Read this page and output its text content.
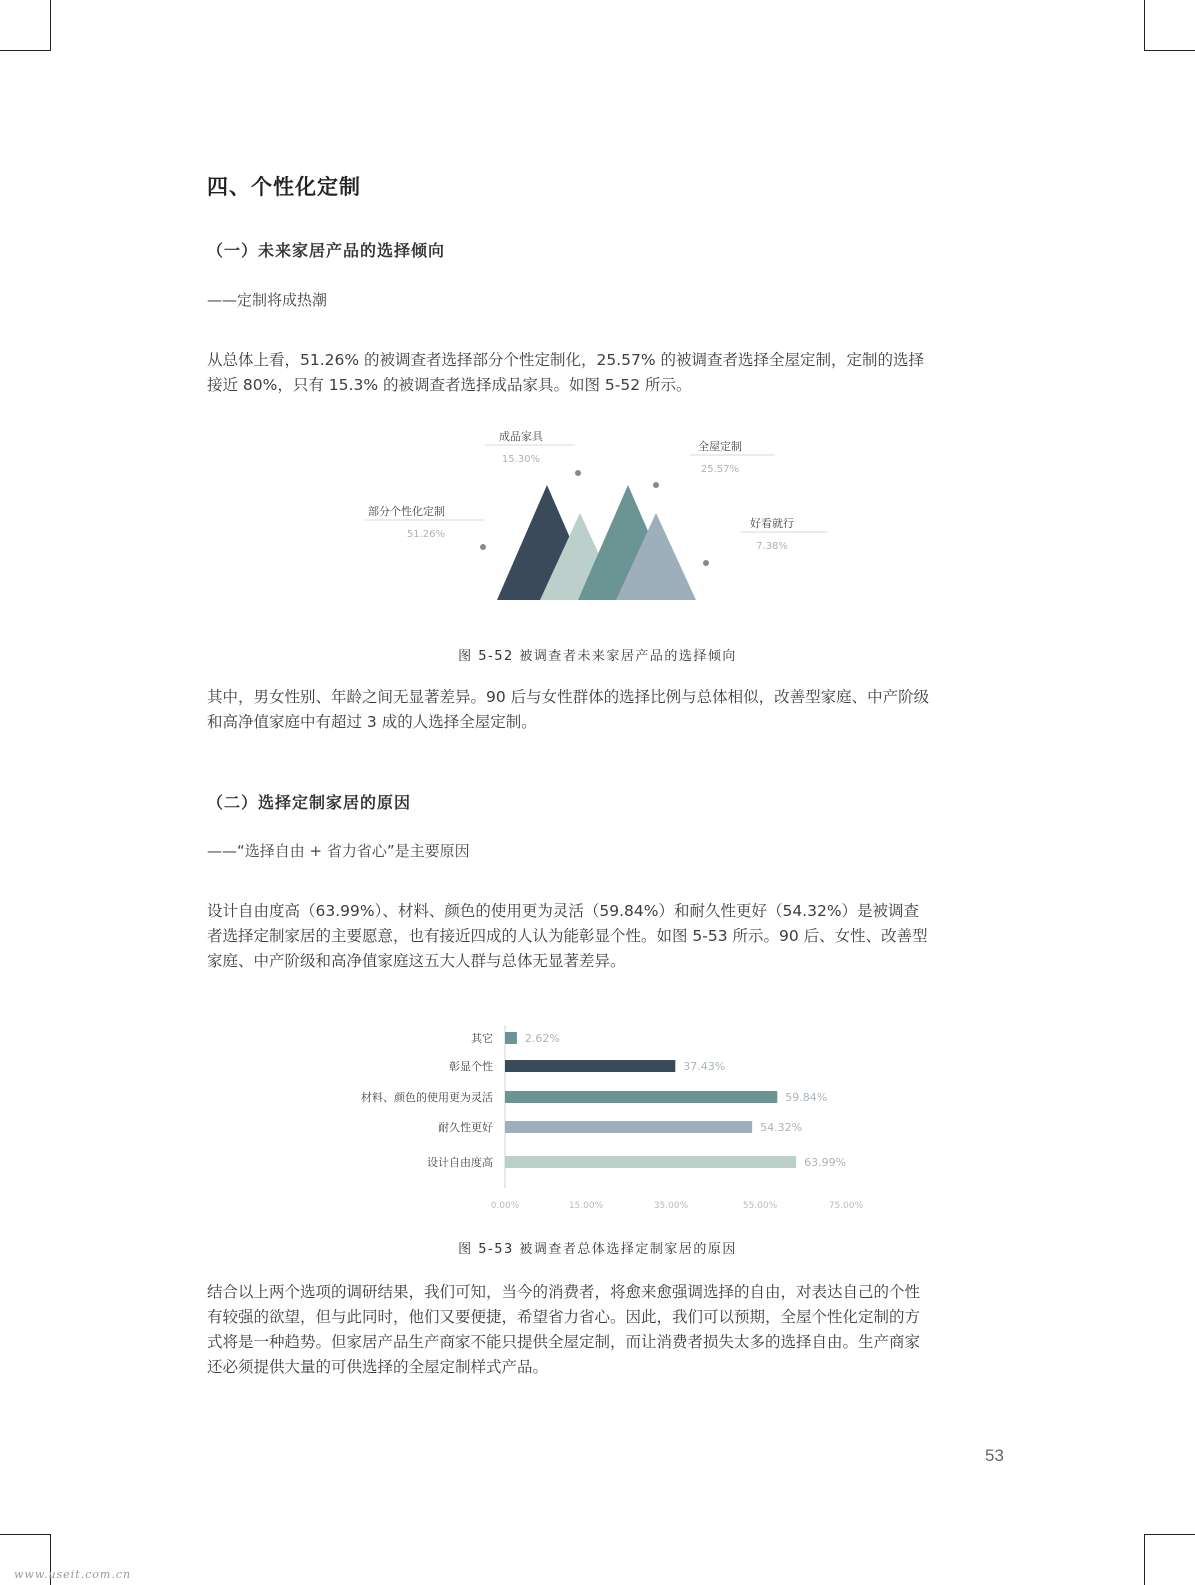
四、个性化定制

（一）未来家居产品的选择倾向

——定制将成热潮

从总体上看，51.26% 的被调查者选择部分个性定制化，25.57% 的被调查者选择全屋定制，定制的选择
接近 80%，只有 15.3% 的被调查者选择成品家具。如图 5-52 所示。
部分个性化定制
51.26%
成品家具
15.30%
全屋定制
25.57%
好看就行
7.38%

图 5-52 被调查者未来家居产品的选择倾向

其中，男女性别、年龄之间无显著差异。90 后与女性群体的选择比例与总体相似，改善型家庭、中产阶级
和高净值家庭中有超过 3 成的人选择全屋定制。

（二）选择定制家居的原因

——“选择自由 + 省力省心”是主要原因

设计自由度高（63.99%）、材料、颜色的使用更为灵活（59.84%）和耐久性更好（54.32%）是被调查
者选择定制家居的主要愿意，也有接近四成的人认为能彰显个性。如图 5-53 所示。90 后、女性、改善型
家庭、中产阶级和高净值家庭这五大人群与总体无显著差异。
其它	2.62%
彰显个性	37.43%
材料、颜色的使用更为灵活	59.84%
耐久性更好	54.32%
设计自由度高	63.99%
0.00%	15.00%	35.00%	55.00%	75.00%

图 5-53 被调查者总体选择定制家居的原因

结合以上两个选项的调研结果，我们可知，当今的消费者，将愈来愈强调选择的自由，对表达自己的个性
有较强的欲望，但与此同时，他们又要便捷，希望省力省心。因此，我们可以预期，全屋个性化定制的方
式将是一种趋势。但家居产品生产商家不能只提供全屋定制，而让消费者损失太多的选择自由。生产商家
还必须提供大量的可供选择的全屋定制样式产品。
53
www.useit.com.cn
